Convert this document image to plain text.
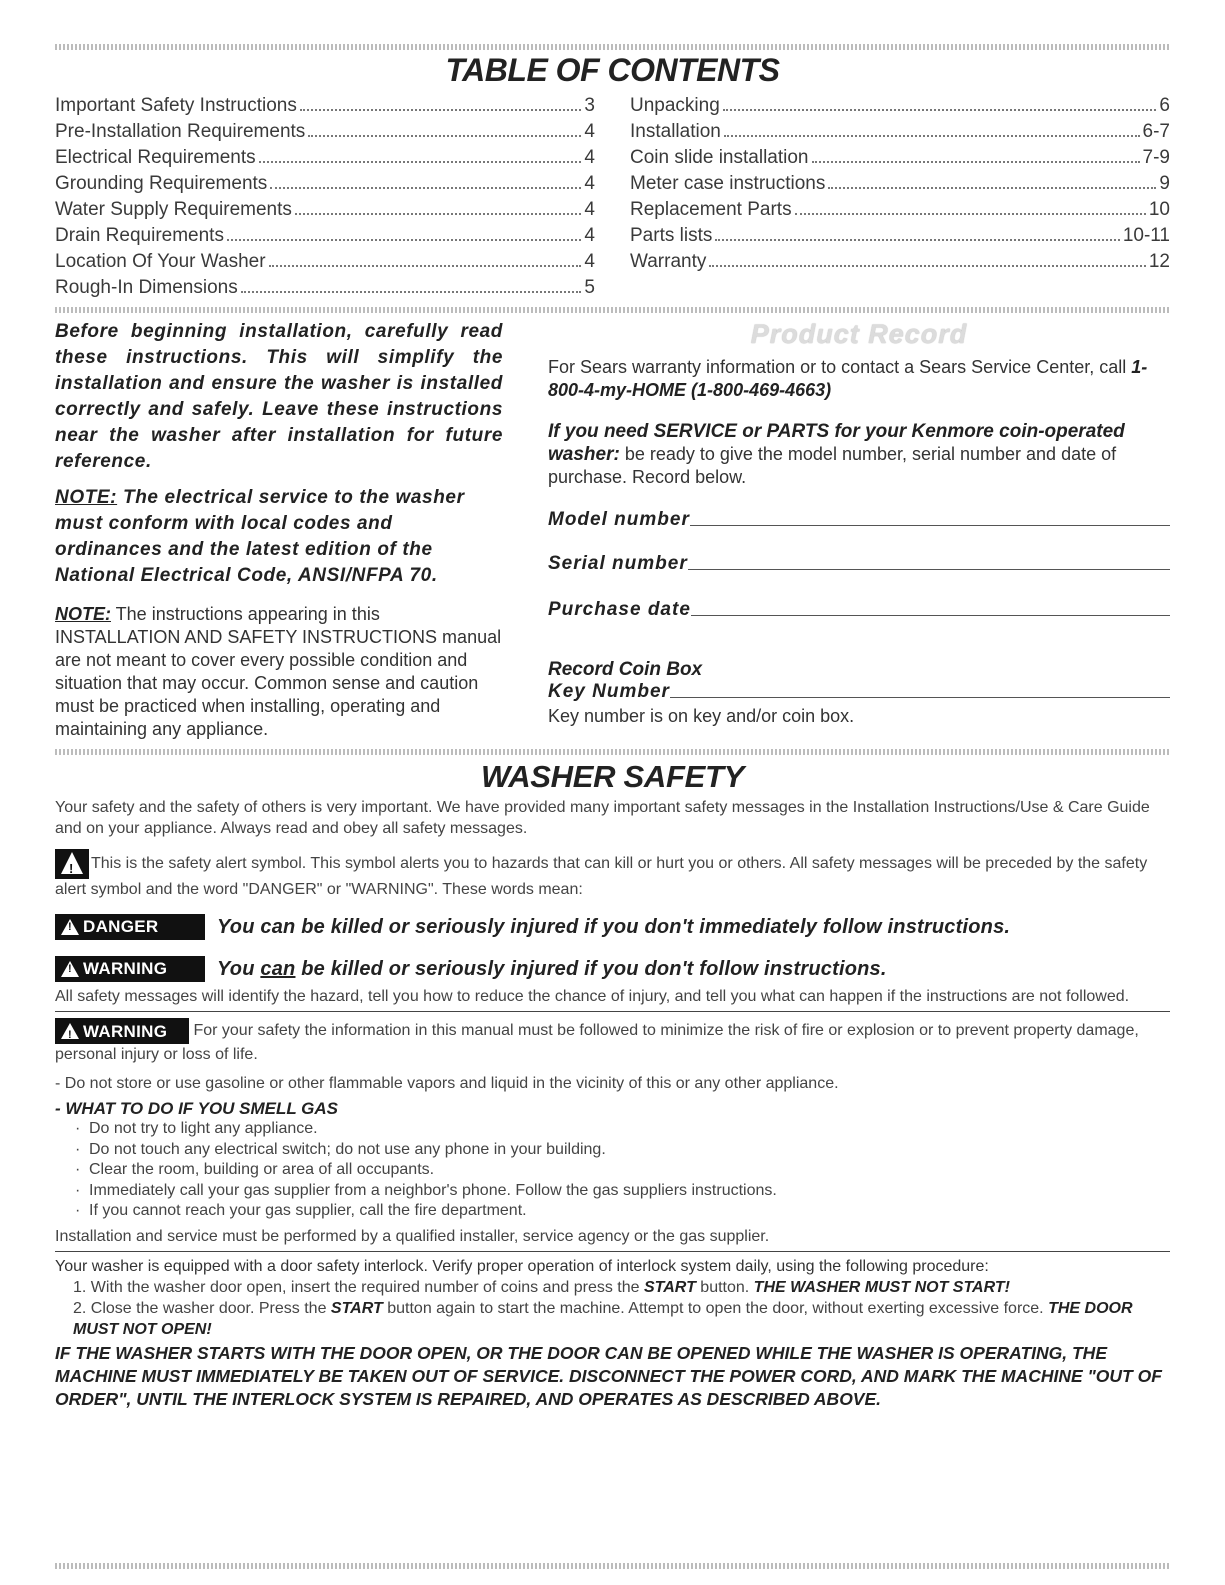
TABLE OF CONTENTS
Important Safety Instructions	3
Pre-Installation Requirements	4
Electrical Requirements	4
Grounding Requirements	4
Water Supply Requirements	4
Drain Requirements	4
Location Of Your Washer	4
Rough-In Dimensions	5
Unpacking	6
Installation	6-7
Coin slide installation	7-9
Meter case instructions	9
Replacement Parts	10
Parts lists	10-11
Warranty	12

Before beginning installation, carefully read these instructions. This will simplify the installation and ensure the washer is installed correctly and safely. Leave these instructions near the washer after installation for future reference.

NOTE: The electrical service to the washer must conform with local codes and ordinances and the latest edition of the National Electrical Code, ANSI/NFPA 70.

NOTE: The instructions appearing in this INSTALLATION AND SAFETY INSTRUCTIONS manual are not meant to cover every possible condition and situation that may occur. Common sense and caution must be practiced when installing, operating and maintaining any appliance.

Product Record

For Sears warranty information or to contact a Sears Service Center, call 1-800-4-my-HOME (1-800-469-4663)

If you need SERVICE or PARTS for your Kenmore coin-operated washer: be ready to give the model number, serial number and date of purchase. Record below.

Model number
Serial number
Purchase date
Record Coin Box
Key Number

Key number is on key and/or coin box.

WASHER SAFETY

Your safety and the safety of others is very important. We have provided many important safety messages in the Installation Instructions/Use & Care Guide and on your appliance. Always read and obey all safety messages.

! This is the safety alert symbol. This symbol alerts you to hazards that can kill or hurt you or others. All safety messages will be preceded by the safety alert symbol and the word "DANGER" or "WARNING". These words mean:

!
DANGER	You can be killed or seriously injured if you don't immediately follow instructions.
!
WARNING You can be killed or seriously injured if you don't follow instructions.

All safety messages will identify the hazard, tell you how to reduce the chance of injury, and tell you what can happen if the instructions are not followed.

!
WARNING For your safety the information in this manual must be followed to minimize the risk of fire or explosion or to prevent property damage, personal injury or loss of life.

- Do not store or use gasoline or other flammable vapors and liquid in the vicinity of this or any other appliance.

- WHAT TO DO IF YOU SMELL GAS

· Do not try to light any appliance.
· Do not touch any electrical switch; do not use any phone in your building.
· Clear the room, building or area of all occupants.
· Immediately call your gas supplier from a neighbor's phone. Follow the gas suppliers instructions.
· If you cannot reach your gas supplier, call the fire department.

Installation and service must be performed by a qualified installer, service agency or the gas supplier.

Your washer is equipped with a door safety interlock. Verify proper operation of interlock system daily, using the following procedure:

1. With the washer door open, insert the required number of coins and press the START button. THE WASHER MUST NOT START!

2. Close the washer door. Press the START button again to start the machine. Attempt to open the door, without exerting excessive force. THE DOOR MUST NOT OPEN!

IF THE WASHER STARTS WITH THE DOOR OPEN, OR THE DOOR CAN BE OPENED WHILE THE WASHER IS OPERATING, THE MACHINE MUST IMMEDIATELY BE TAKEN OUT OF SERVICE. DISCONNECT THE POWER CORD, AND MARK THE MACHINE "OUT OF ORDER", UNTIL THE INTERLOCK SYSTEM IS REPAIRED, AND OPERATES AS DESCRIBED ABOVE.
